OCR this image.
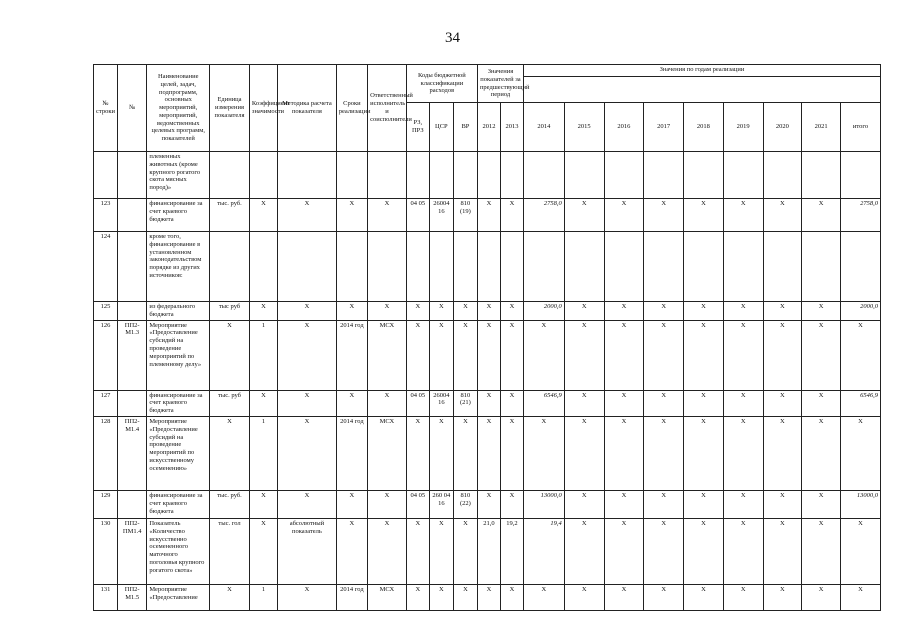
34
№ строки	№	Наименование целей, задач, подпрограмм, основных мероприятий, мероприятий, ведомственных целевых программ, показателей	Единица измерения показателя	Коэффициент значимости	Методика расчета показателя	Сроки реализации	Ответственный исполнитель и соисполнители	Коды бюджетной классификации расходов			Значения показателей за предшествующий период		Значения по годам реализации								

								РЗ, ПРЗ	ЦСР	ВР	2012	2013	2014	2015	2016	2017	2018	2019	2020	2021	итого
		племенных животных (кроме крупного рогатого скота мясных пород)»																			
123		финансирование за счет краевого бюджета	тыс. руб.	X	X	X	X	04 05	26004 16	810 (19)	X	X	2758,0	X	X	X	X	X	X	X	2758,0
124		кроме того, финансирование в установленном законодательством порядке из других источников:																			
125		из федерального бюджета	тыс руб	X	X	X	X	X	X	X	X	X	2000,0	X	X	X	X	X	X	X	2000,0
126	ПП2-М1.3	Мероприятие «Предоставление субсидий на проведение мероприятий по племенному делу»	X	1	X	2014 год	МСХ	X	X	X	X	X	X	X	X	X	X	X	X	X	X
127		финансирование за счет краевого бюджета	тыс. руб	X	X	X	X	04 05	26004 16	810 (21)	X	X	6546,9	X	X	X	X	X	X	X	6546,9
128	ПП2-М1.4	Мероприятие «Предоставление субсидий на проведение мероприятий по искусственному осеменению»	X	1	X	2014 год	МСХ	X	X	X	X	X	X	X	X	X	X	X	X	X	X
129		финансирование за счет краевого бюджета	тыс. руб.	X	X	X	X	04 05	260 04 16	810 (22)	X	X	13000,0	X	X	X	X	X	X	X	13000,0
130	ПП2-ПМ1.4	Показатель «Количество искусственно осемененного маточного поголовья крупного рогатого скота»	тыс. гол	X	абсолютный показатель	X	X	X	X	X	21,0	19,2	19,4	X	X	X	X	X	X	X	X
131	ПП2-М1.5	Мероприятие «Предоставление	X	1	X	2014 год	МСХ	X	X	X	X	X	X	X	X	X	X	X	X	X	X
